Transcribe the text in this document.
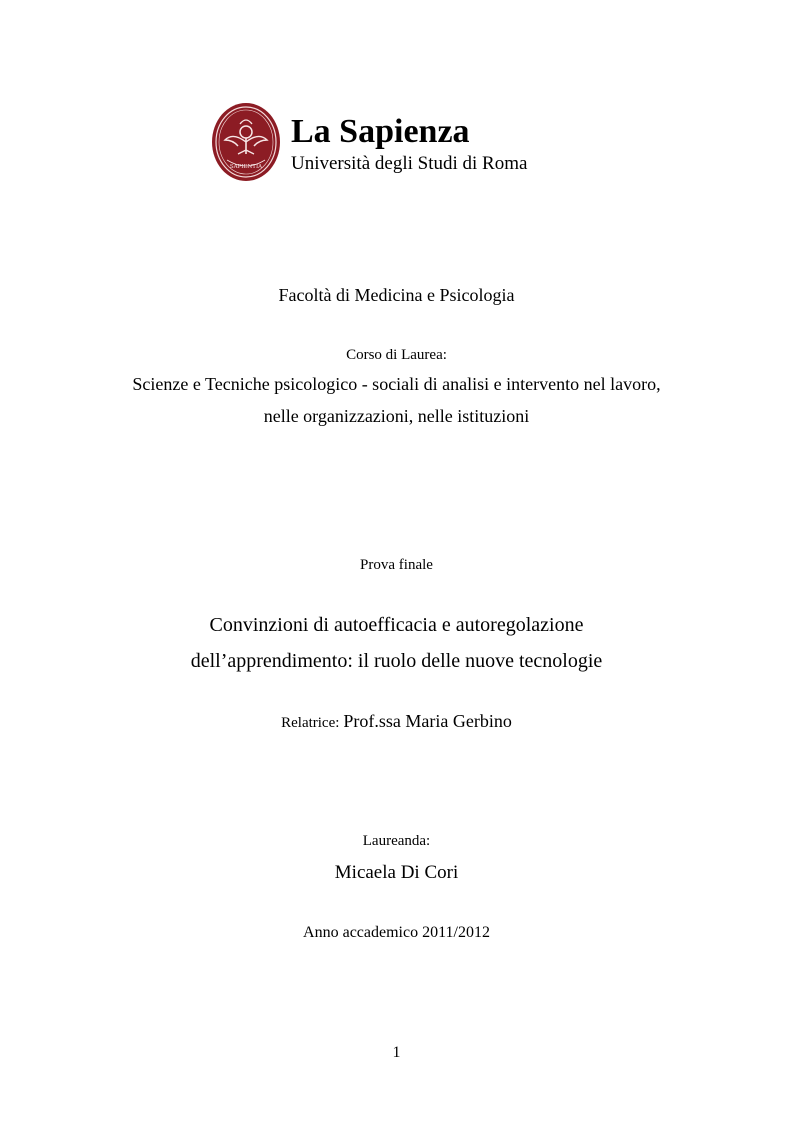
SAPIENTIA
La Sapienza
Università degli Studi di Roma
Facoltà di Medicina e Psicologia
Corso di Laurea:
Scienze e Tecniche psicologico - sociali di analisi e intervento nel lavoro,
nelle organizzazioni, nelle istituzioni
Prova finale
Convinzioni di autoefficacia e autoregolazione
dell’apprendimento: il ruolo delle nuove tecnologie
Relatrice: Prof.ssa Maria Gerbino
Laureanda:
Micaela Di Cori
Anno accademico 2011/2012
1
